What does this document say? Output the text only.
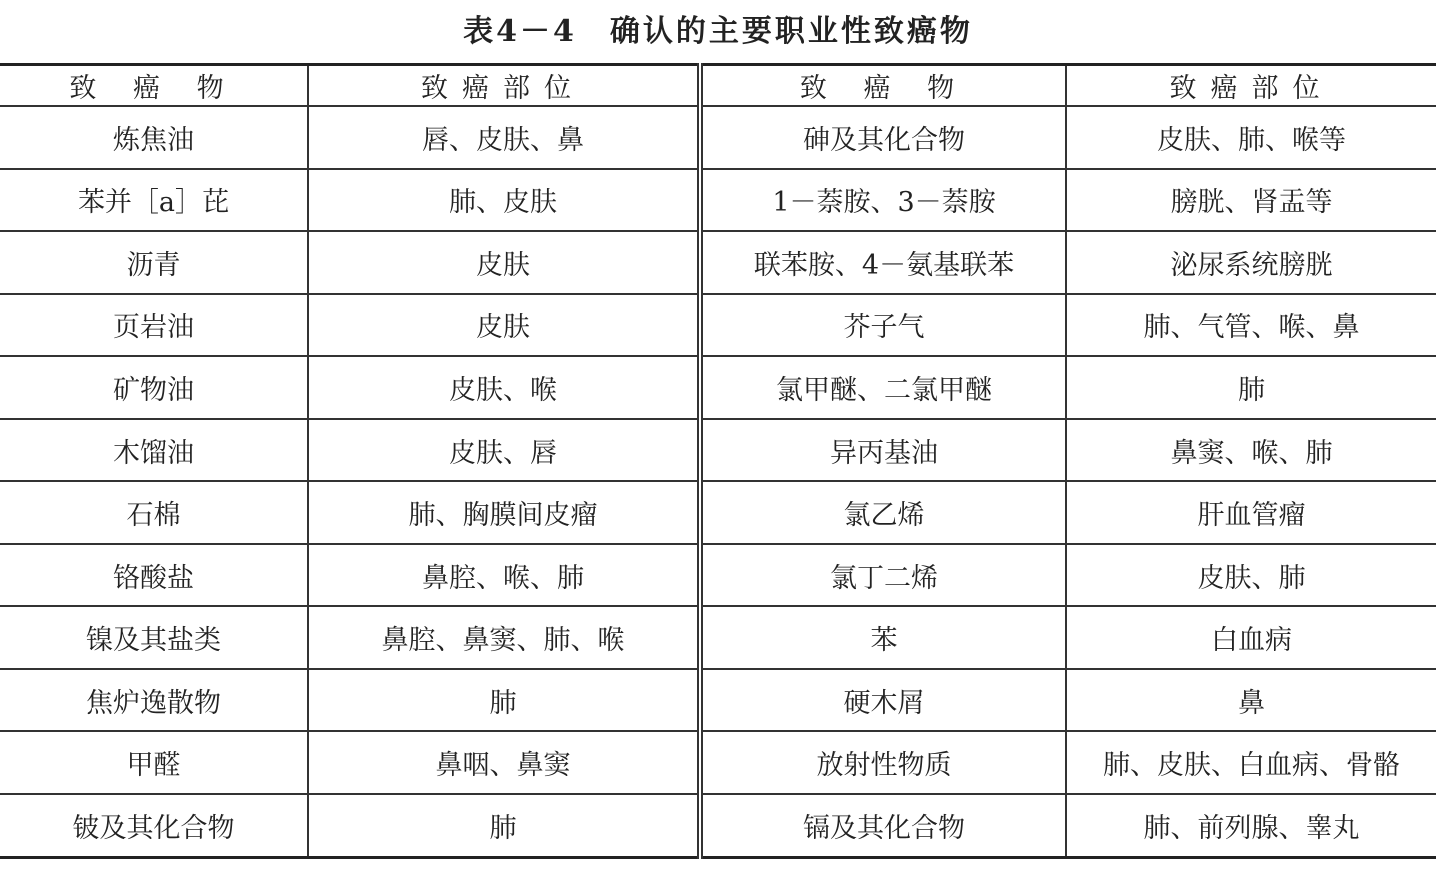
表4－4　确认的主要职业性致癌物
致 癌 物	致癌部位	致 癌 物	致癌部位
炼焦油	唇、皮肤、鼻	砷及其化合物	皮肤、肺、喉等
苯并［a］芘	肺、皮肤	1－萘胺、3－萘胺	膀胱、肾盂等
沥青	皮肤	联苯胺、4－氨基联苯	泌尿系统膀胱
页岩油	皮肤	芥子气	肺、气管、喉、鼻
矿物油	皮肤、喉	氯甲醚、二氯甲醚	肺
木馏油	皮肤、唇	异丙基油	鼻窦、喉、肺
石棉	肺、胸膜间皮瘤	氯乙烯	肝血管瘤
铬酸盐	鼻腔、喉、肺	氯丁二烯	皮肤、肺
镍及其盐类	鼻腔、鼻窦、肺、喉	苯	白血病
焦炉逸散物	肺	硬木屑	鼻
甲醛	鼻咽、鼻窦	放射性物质	肺、皮肤、白血病、骨骼
铍及其化合物	肺	镉及其化合物	肺、前列腺、睾丸
